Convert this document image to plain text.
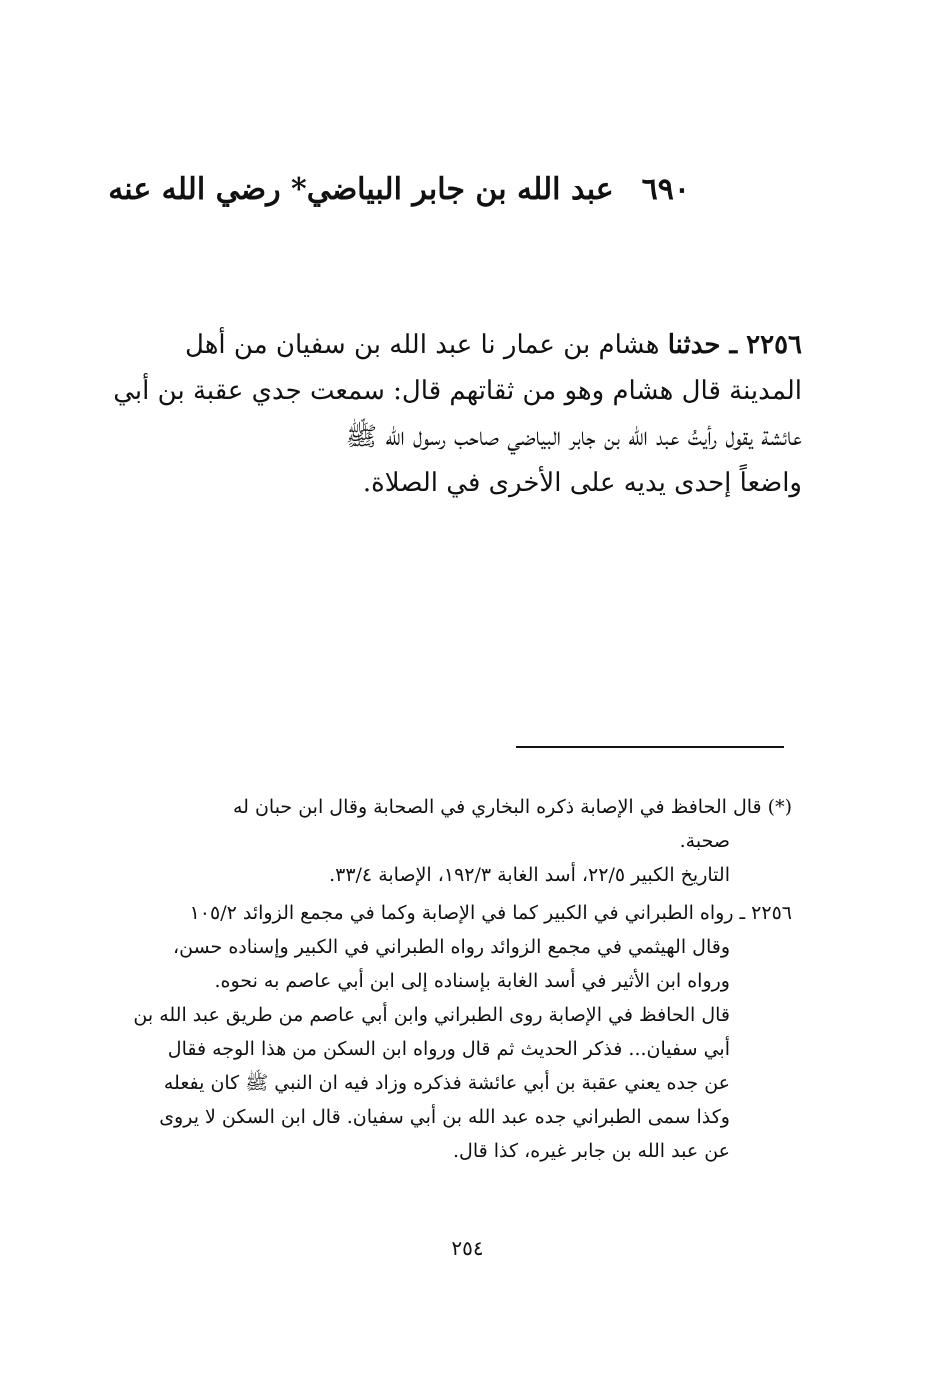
٦٩٠عبد الله بن جابر البياضي* رضي الله عنه
٢٢٥٦ ـ حدثنا هشام بن عمار نا عبد الله بن سفيان من أهل
المدينة قال هشام وهو من ثقاتهم قال: سمعت جدي عقبة بن أبي
عائشة يقول رأيتُ عبد الله بن جابر البياضي صاحب رسول الله ﷺ
واضعاً إحدى يديه على الأخرى في الصلاة.
(*) قال الحافظ في الإصابة ذكره البخاري في الصحابة وقال ابن حبان له
صحبة.
التاريخ الكبير ٢٢/٥، أسد الغابة ١٩٢/٣، الإصابة ٣٣/٤.
٢٢٥٦ ـ رواه الطبراني في الكبير كما في الإصابة وكما في مجمع الزوائد ١٠٥/٢
وقال الهيثمي في مجمع الزوائد رواه الطبراني في الكبير وإسناده حسن،
ورواه ابن الأثير في أسد الغابة بإسناده إلى ابن أبي عاصم به نحوه.
قال الحافظ في الإصابة روى الطبراني وابن أبي عاصم من طريق عبد الله بن
أبي سفيان... فذكر الحديث ثم قال ورواه ابن السكن من هذا الوجه فقال
عن جده يعني عقبة بن أبي عائشة فذكره وزاد فيه ان النبي ﷺ كان يفعله
وكذا سمى الطبراني جده عبد الله بن أبي سفيان. قال ابن السكن لا يروى
عن عبد الله بن جابر غيره، كذا قال.
٢٥٤
